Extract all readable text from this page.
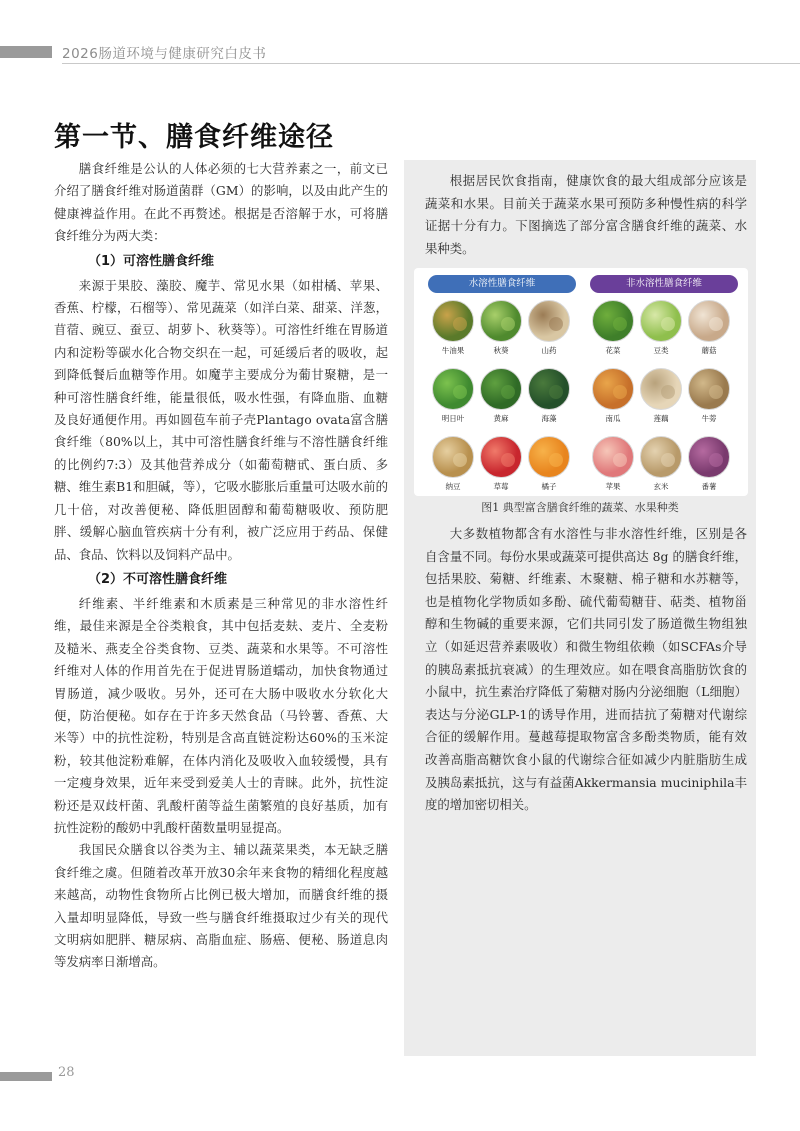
2026肠道环境与健康研究白皮书
第一节、膳食纤维途径

膳食纤维是公认的人体必须的七大营养素之一，前文已介绍了膳食纤维对肠道菌群（GM）的影响，以及由此产生的健康裨益作用。在此不再赘述。根据是否溶解于水，可将膳食纤维分为两大类：

（1）可溶性膳食纤维

来源于果胶、藻胶、魔芋、常见水果（如柑橘、苹果、香蕉、柠檬，石榴等）、常见蔬菜（如洋白菜、甜菜、洋葱，苜蓿、豌豆、蚕豆、胡萝卜、秋葵等）。可溶性纤维在胃肠道内和淀粉等碳水化合物交织在一起，可延缓后者的吸收，起到降低餐后血糖等作用。如魔芋主要成分为葡甘聚糖，是一种可溶性膳食纤维，能量很低，吸水性强，有降血脂、血糖及良好通便作用。再如圆苞车前子壳Plantago ovata富含膳食纤维（80%以上，其中可溶性膳食纤维与不溶性膳食纤维的比例约7:3）及其他营养成分（如葡萄糖甙、蛋白质、多糖、维生素B1和胆碱，等），它吸水膨胀后重量可达吸水前的几十倍，对改善便秘、降低胆固醇和葡萄糖吸收、预防肥胖、缓解心脑血管疾病十分有利，被广泛应用于药品、保健品、食品、饮料以及饲料产品中。

（2）不可溶性膳食纤维

纤维素、半纤维素和木质素是三种常见的非水溶性纤维，最佳来源是全谷类粮食，其中包括麦麸、麦片、全麦粉及糙米、燕麦全谷类食物、豆类、蔬菜和水果等。不可溶性纤维对人体的作用首先在于促进胃肠道蠕动，加快食物通过胃肠道，减少吸收。另外，还可在大肠中吸收水分软化大便，防治便秘。如存在于许多天然食品（马铃薯、香蕉、大米等）中的抗性淀粉，特别是含高直链淀粉达60%的玉米淀粉，较其他淀粉难解，在体内消化及吸收入血较缓慢，具有一定瘦身效果，近年来受到爱美人士的青睐。此外，抗性淀粉还是双歧杆菌、乳酸杆菌等益生菌繁殖的良好基质，加有抗性淀粉的酸奶中乳酸杆菌数量明显提高。

我国民众膳食以谷类为主、辅以蔬菜果类，本无缺乏膳食纤维之虞。但随着改革开放30余年来食物的精细化程度越来越高，动物性食物所占比例已极大增加，而膳食纤维的摄入量却明显降低，导致一些与膳食纤维摄取过少有关的现代文明病如肥胖、糖尿病、高脂血症、肠癌、便秘、肠道息肉等发病率日渐增高。

根据居民饮食指南，健康饮食的最大组成部分应该是蔬菜和水果。目前关于蔬菜水果可预防多种慢性病的科学证据十分有力。下图摘选了部分富含膳食纤维的蔬菜、水果种类。

水溶性膳食纤维	非水溶性膳食纤维
牛油果	秋葵	山药	花菜	豆类	蘑菇
明日叶	黄麻	海藻	南瓜	莲藕	牛蒡
纳豆	草莓	橘子	苹果	玄米	番薯
图1 典型富含膳食纤维的蔬菜、水果种类

大多数植物都含有水溶性与非水溶性纤维，区别是各自含量不同。每份水果或蔬菜可提供高达 8g 的膳食纤维，包括果胶、菊糖、纤维素、木聚糖、棉子糖和水苏糖等，也是植物化学物质如多酚、硫代葡萄糖苷、萜类、植物甾醇和生物碱的重要来源，它们共同引发了肠道微生物组独立（如延迟营养素吸收）和微生物组依赖（如SCFAs介导的胰岛素抵抗衰减）的生理效应。如在喂食高脂肪饮食的小鼠中，抗生素治疗降低了菊糖对肠内分泌细胞（L细胞）表达与分泌GLP-1的诱导作用，进而拮抗了菊糖对代谢综合征的缓解作用。蔓越莓提取物富含多酚类物质，能有效改善高脂高糖饮食小鼠的代谢综合征如减少内脏脂肪生成及胰岛素抵抗，这与有益菌Akkermansia muciniphila丰度的增加密切相关。

28
